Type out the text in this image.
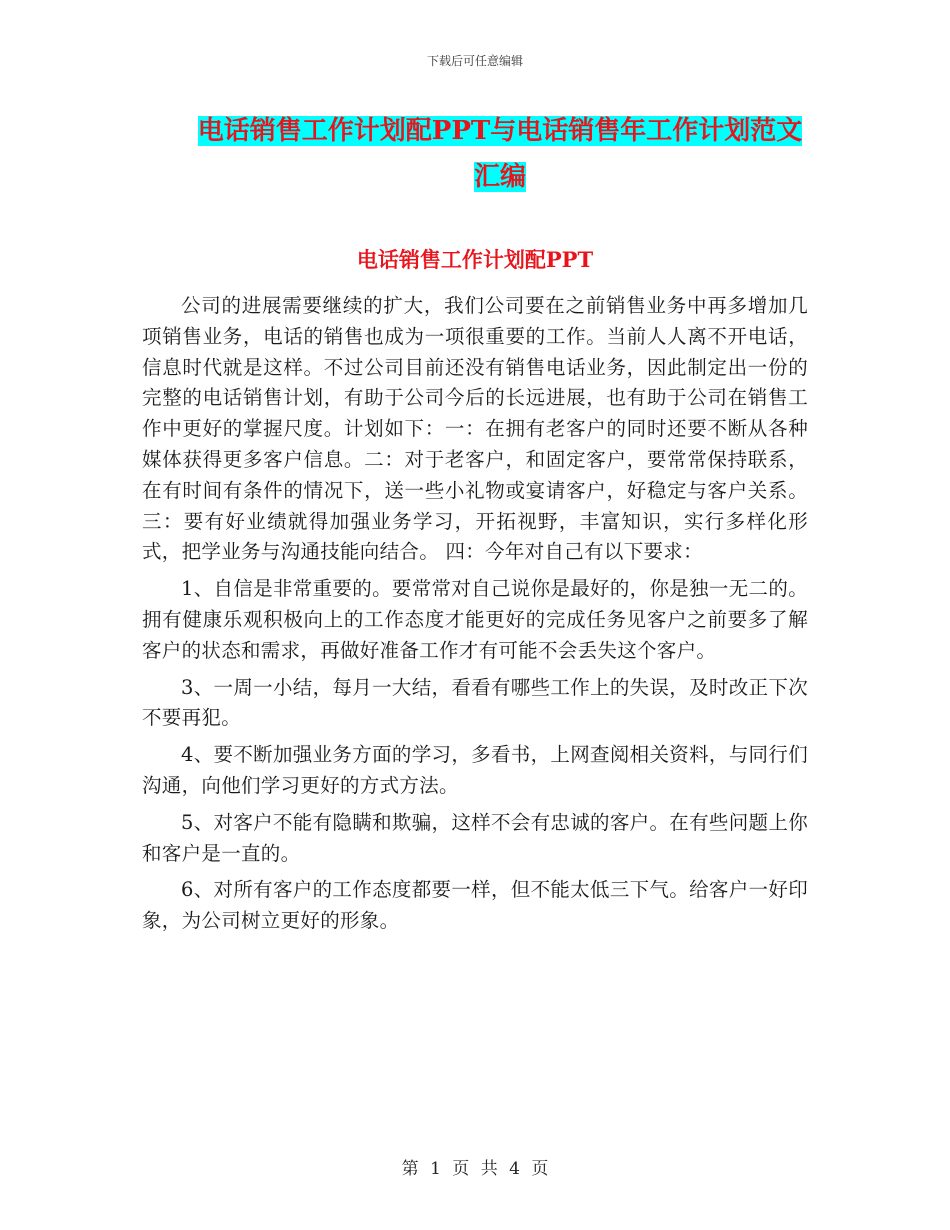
下载后可任意编辑
电话销售工作计划配PPT与电话销售年工作计划范文
汇编
电话销售工作计划配PPT

公司的进展需要继续的扩大，我们公司要在之前销售业务中再多增加几项销售业务，电话的销售也成为一项很重要的工作。当前人人离不开电话，信息时代就是这样。不过公司目前还没有销售电话业务，因此制定出一份的完整的电话销售计划，有助于公司今后的长远进展，也有助于公司在销售工作中更好的掌握尺度。计划如下：一：在拥有老客户的同时还要不断从各种媒体获得更多客户信息。二：对于老客户，和固定客户，要常常保持联系，在有时间有条件的情况下，送一些小礼物或宴请客户，好稳定与客户关系。三：要有好业绩就得加强业务学习，开拓视野，丰富知识，实行多样化形式，把学业务与沟通技能向结合。 四：今年对自己有以下要求：

1、自信是非常重要的。要常常对自己说你是最好的，你是独一无二的。拥有健康乐观积极向上的工作态度才能更好的完成任务见客户之前要多了解客户的状态和需求，再做好准备工作才有可能不会丢失这个客户。

3、一周一小结，每月一大结，看看有哪些工作上的失误，及时改正下次不要再犯。

4、要不断加强业务方面的学习，多看书，上网查阅相关资料，与同行们沟通，向他们学习更好的方式方法。

5、对客户不能有隐瞒和欺骗，这样不会有忠诚的客户。在有些问题上你和客户是一直的。

6、对所有客户的工作态度都要一样，但不能太低三下气。给客户一好印象，为公司树立更好的形象。

第 1 页 共 4 页
